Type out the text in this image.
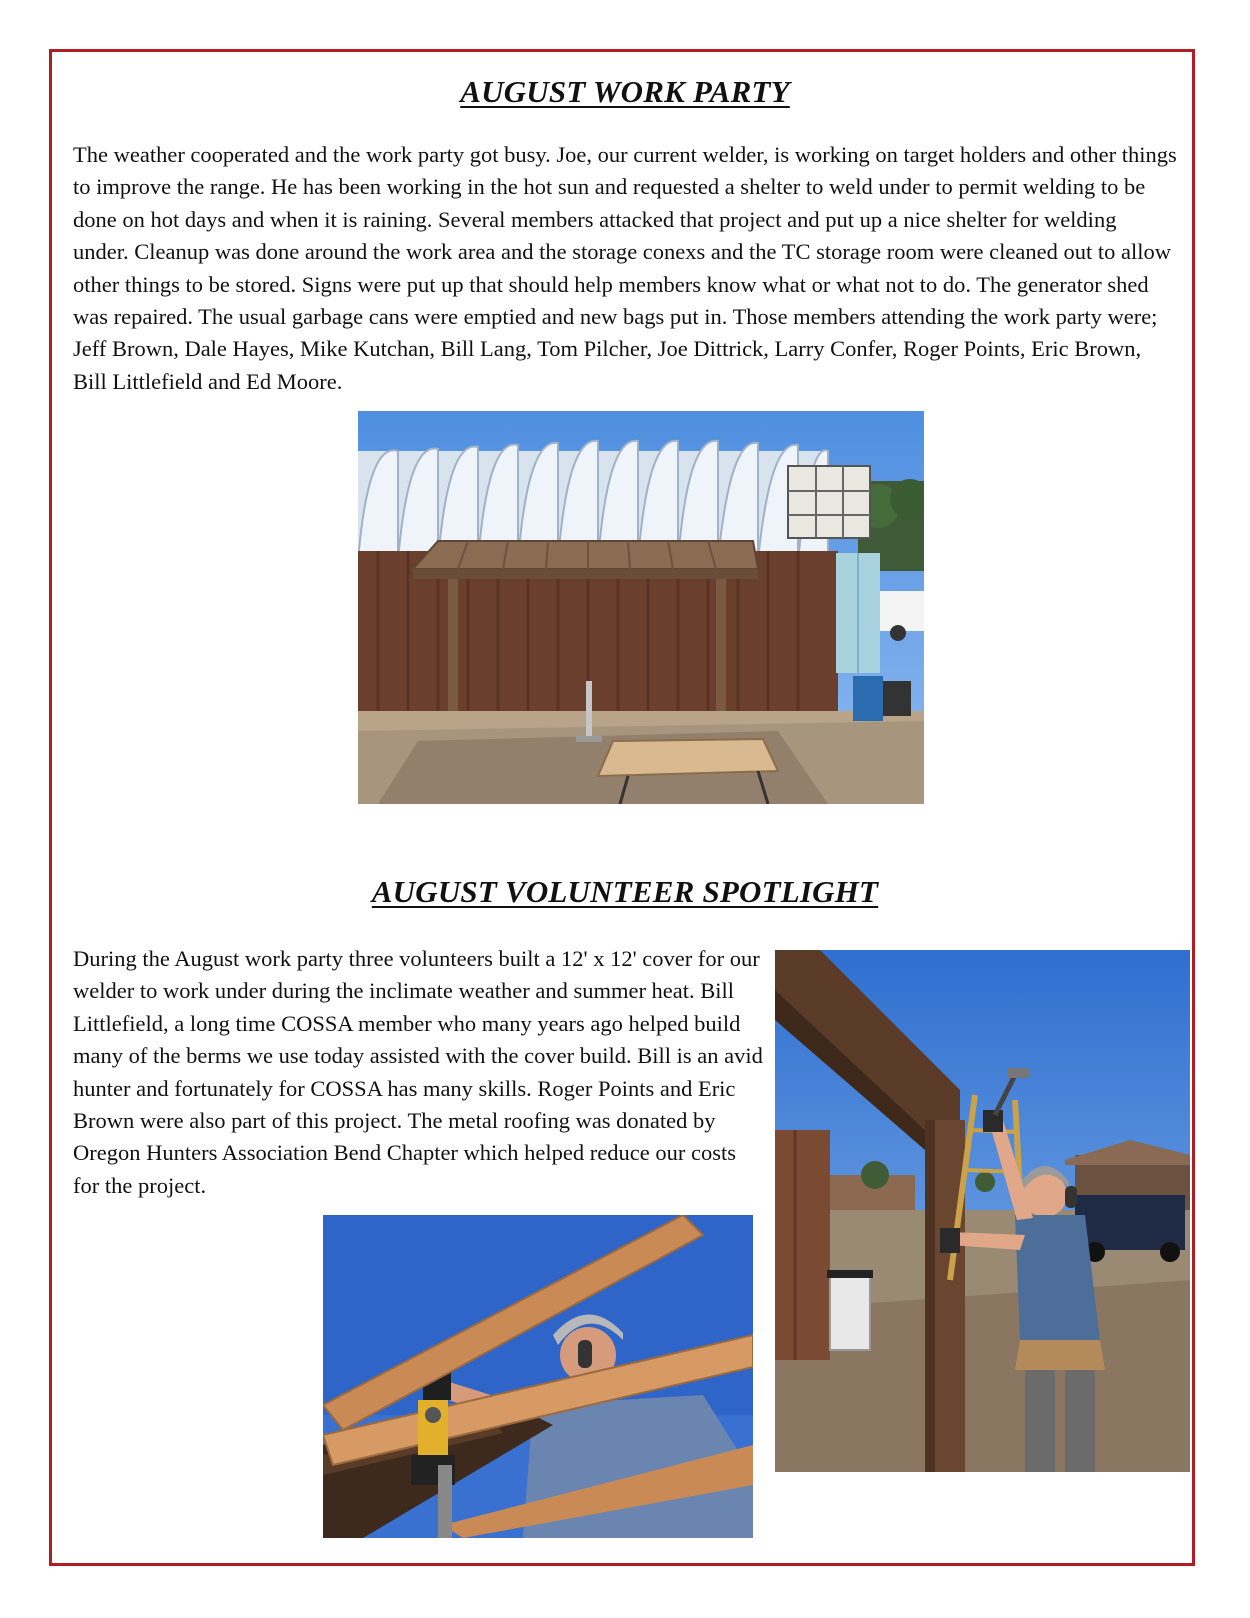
AUGUST WORK PARTY

The weather cooperated and the work party got busy. Joe, our current welder, is working on target holders and other things to improve the range. He has been working in the hot sun and requested a shelter to weld under to permit welding to be done on hot days and when it is raining. Several members attacked that project and put up a nice shelter for welding under. Cleanup was done around the work area and the storage conexs and the TC storage room were cleaned out to allow other things to be stored. Signs were put up that should help members know what or what not to do. The generator shed was repaired. The usual garbage cans were emptied and new bags put in. Those members attending the work party were; Jeff Brown, Dale Hayes, Mike Kutchan, Bill Lang, Tom Pilcher, Joe Dittrick, Larry Confer, Roger Points, Eric Brown, Bill Littlefield and Ed Moore.

AUGUST VOLUNTEER SPOTLIGHT

During the August work party three volunteers built a 12' x 12' cover for our welder to work under during the inclimate weather and summer heat. Bill Littlefield, a long time COSSA member who many years ago helped build many of the berms we use today assisted with the cover build. Bill is an avid hunter and fortunately for COSSA has many skills. Roger Points and Eric Brown were also part of this project. The metal roofing was donated by Oregon Hunters Association Bend Chapter which helped reduce our costs for the project.
